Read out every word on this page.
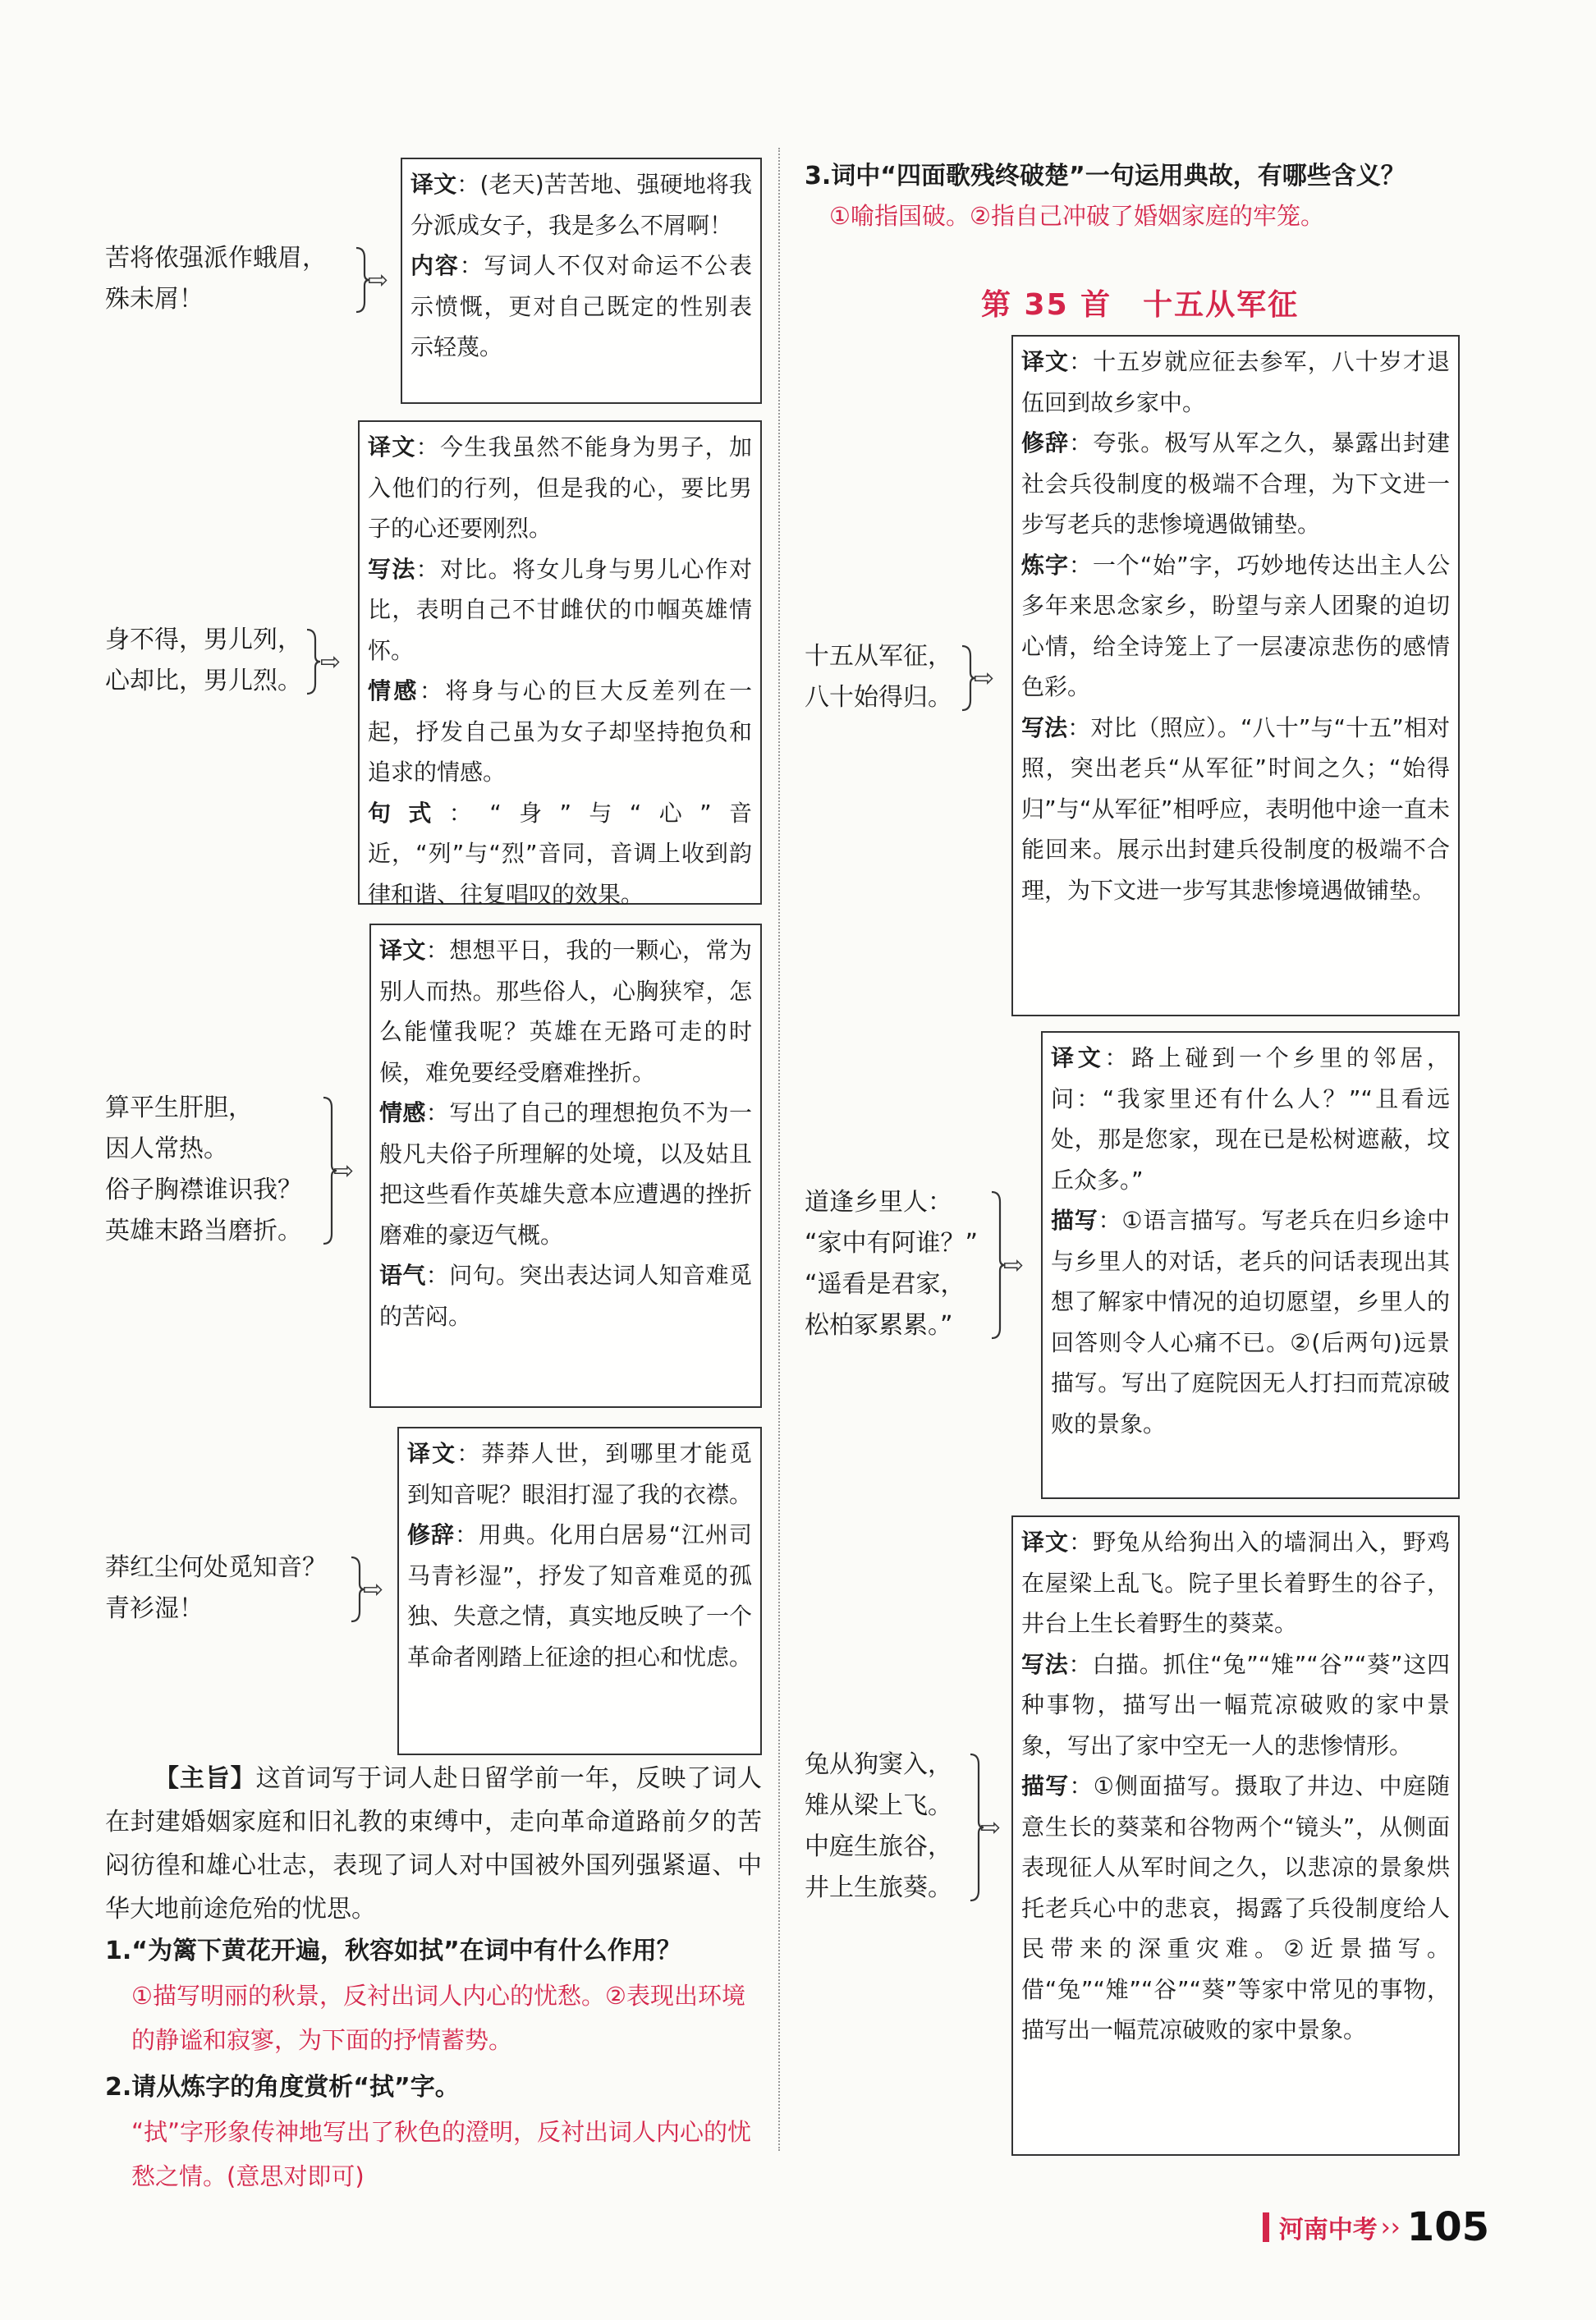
苦将侬强派作蛾眉，
殊未屑！
⇨

译文：(老天)苦苦地、强硬地将我分派成女子，我是多么不屑啊！

内容：写词人不仅对命运不公表示愤慨，更对自己既定的性别表示轻蔑。

身不得，男儿列，
心却比，男儿烈。
⇨

译文：今生我虽然不能身为男子，加入他们的行列，但是我的心，要比男子的心还要刚烈。

写法：对比。将女儿身与男儿心作对比，表明自己不甘雌伏的巾帼英雄情怀。

情感：将身与心的巨大反差列在一起，抒发自己虽为女子却坚持抱负和追求的情感。

句式：“身”与“心”音近，“列”与“烈”音同，音调上收到韵律和谐、往复唱叹的效果。

算平生肝胆，
因人常热。
俗子胸襟谁识我？
英雄末路当磨折。
⇨

译文：想想平日，我的一颗心，常为别人而热。那些俗人，心胸狭窄，怎么能懂我呢？英雄在无路可走的时候，难免要经受磨难挫折。

情感：写出了自己的理想抱负不为一般凡夫俗子所理解的处境，以及姑且把这些看作英雄失意本应遭遇的挫折磨难的豪迈气概。

语气：问句。突出表达词人知音难觅的苦闷。

莽红尘何处觅知音？
青衫湿！
⇨

译文：莽莽人世，到哪里才能觅到知音呢？眼泪打湿了我的衣襟。

修辞：用典。化用白居易“江州司马青衫湿”，抒发了知音难觅的孤独、失意之情，真实地反映了一个革命者刚踏上征途的担心和忧虑。

【主旨】这首词写于词人赴日留学前一年，反映了词人在封建婚姻家庭和旧礼教的束缚中，走向革命道路前夕的苦闷彷徨和雄心壮志，表现了词人对中国被外国列强紧逼、中华大地前途危殆的忧思。
1.“为篱下黄花开遍，秋容如拭”在词中有什么作用？
①描写明丽的秋景，反衬出词人内心的忧愁。②表现出环境的静谧和寂寥，为下面的抒情蓄势。
2.请从炼字的角度赏析“拭”字。
“拭”字形象传神地写出了秋色的澄明，反衬出词人内心的忧愁之情。(意思对即可)
3.词中“四面歌残终破楚”一句运用典故，有哪些含义？
①喻指国破。②指自己冲破了婚姻家庭的牢笼。
第 35 首　十五从军征
十五从军征，
八十始得归。
⇨

译文：十五岁就应征去参军，八十岁才退伍回到故乡家中。

修辞：夸张。极写从军之久，暴露出封建社会兵役制度的极端不合理，为下文进一步写老兵的悲惨境遇做铺垫。

炼字：一个“始”字，巧妙地传达出主人公多年来思念家乡，盼望与亲人团聚的迫切心情，给全诗笼上了一层凄凉悲伤的感情色彩。

写法：对比（照应）。“八十”与“十五”相对照，突出老兵“从军征”时间之久；“始得归”与“从军征”相呼应，表明他中途一直未能回来。展示出封建兵役制度的极端不合理，为下文进一步写其悲惨境遇做铺垫。

道逢乡里人：
“家中有阿谁？”
“遥看是君家，
松柏冢累累。”
⇨

译文：路上碰到一个乡里的邻居，问：“我家里还有什么人？”“且看远处，那是您家，现在已是松树遮蔽，坟丘众多。”

描写：①语言描写。写老兵在归乡途中与乡里人的对话，老兵的问话表现出其想了解家中情况的迫切愿望，乡里人的回答则令人心痛不已。②(后两句)远景描写。写出了庭院因无人打扫而荒凉破败的景象。

兔从狗窦入，
雉从梁上飞。
中庭生旅谷，
井上生旅葵。
⇨

译文：野兔从给狗出入的墙洞出入，野鸡在屋梁上乱飞。院子里长着野生的谷子，井台上生长着野生的葵菜。

写法：白描。抓住“兔”“雉”“谷”“葵”这四种事物，描写出一幅荒凉破败的家中景象，写出了家中空无一人的悲惨情形。

描写：①侧面描写。摄取了井边、中庭随意生长的葵菜和谷物两个“镜头”，从侧面表现征人从军时间之久，以悲凉的景象烘托老兵心中的悲哀，揭露了兵役制度给人民带来的深重灾难。②近景描写。借“兔”“雉”“谷”“葵”等家中常见的事物，描写出一幅荒凉破败的家中景象。

河南中考 ›› 105
